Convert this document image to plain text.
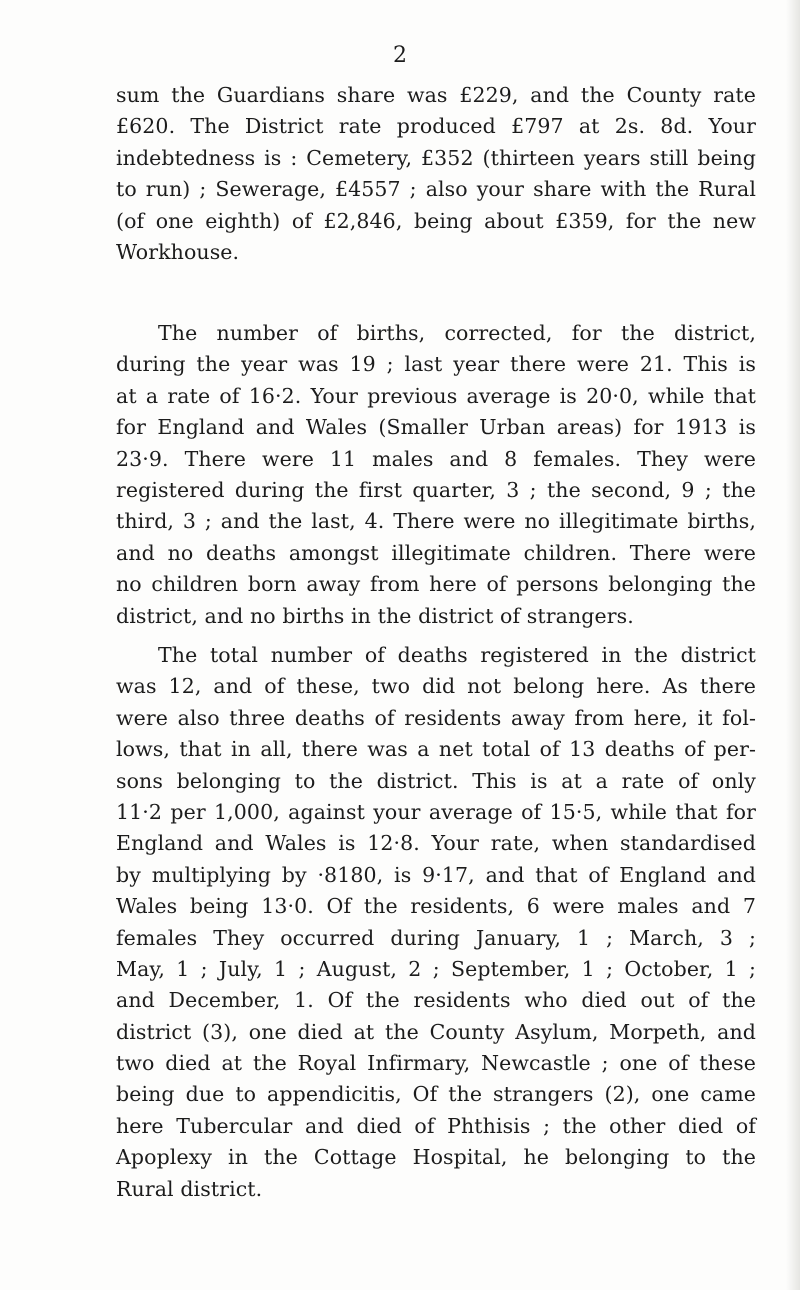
2
sum the Guardians share was £229, and the County rate
£620. The District rate produced £797 at 2s. 8d. Your
indebtedness is : Cemetery, £352 (thirteen years still being
to run) ; Sewerage, £4557 ; also your share with the Rural
(of one eighth) of £2,846, being about £359, for the new
Workhouse.
The number of births, corrected, for the district,
during the year was 19 ; last year there were 21. This is
at a rate of 16·2. Your previous average is 20·0, while that
for England and Wales (Smaller Urban areas) for 1913 is
23·9. There were 11 males and 8 females. They were
registered during the first quarter, 3 ; the second, 9 ; the
third, 3 ; and the last, 4. There were no illegitimate births,
and no deaths amongst illegitimate children. There were
no children born away from here of persons belonging the
district, and no births in the district of strangers.
The total number of deaths registered in the district
was 12, and of these, two did not belong here. As there
were also three deaths of residents away from here, it fol-
lows, that in all, there was a net total of 13 deaths of per-
sons belonging to the district. This is at a rate of only
11·2 per 1,000, against your average of 15·5, while that for
England and Wales is 12·8. Your rate, when standardised
by multiplying by ·8180, is 9·17, and that of England and
Wales being 13·0. Of the residents, 6 were males and 7
females They occurred during January, 1 ; March, 3 ;
May, 1 ; July, 1 ; August, 2 ; September, 1 ; October, 1 ;
and December, 1. Of the residents who died out of the
district (3), one died at the County Asylum, Morpeth, and
two died at the Royal Infirmary, Newcastle ; one of these
being due to appendicitis, Of the strangers (2), one came
here Tubercular and died of Phthisis ; the other died of
Apoplexy in the Cottage Hospital, he belonging to the
Rural district.
